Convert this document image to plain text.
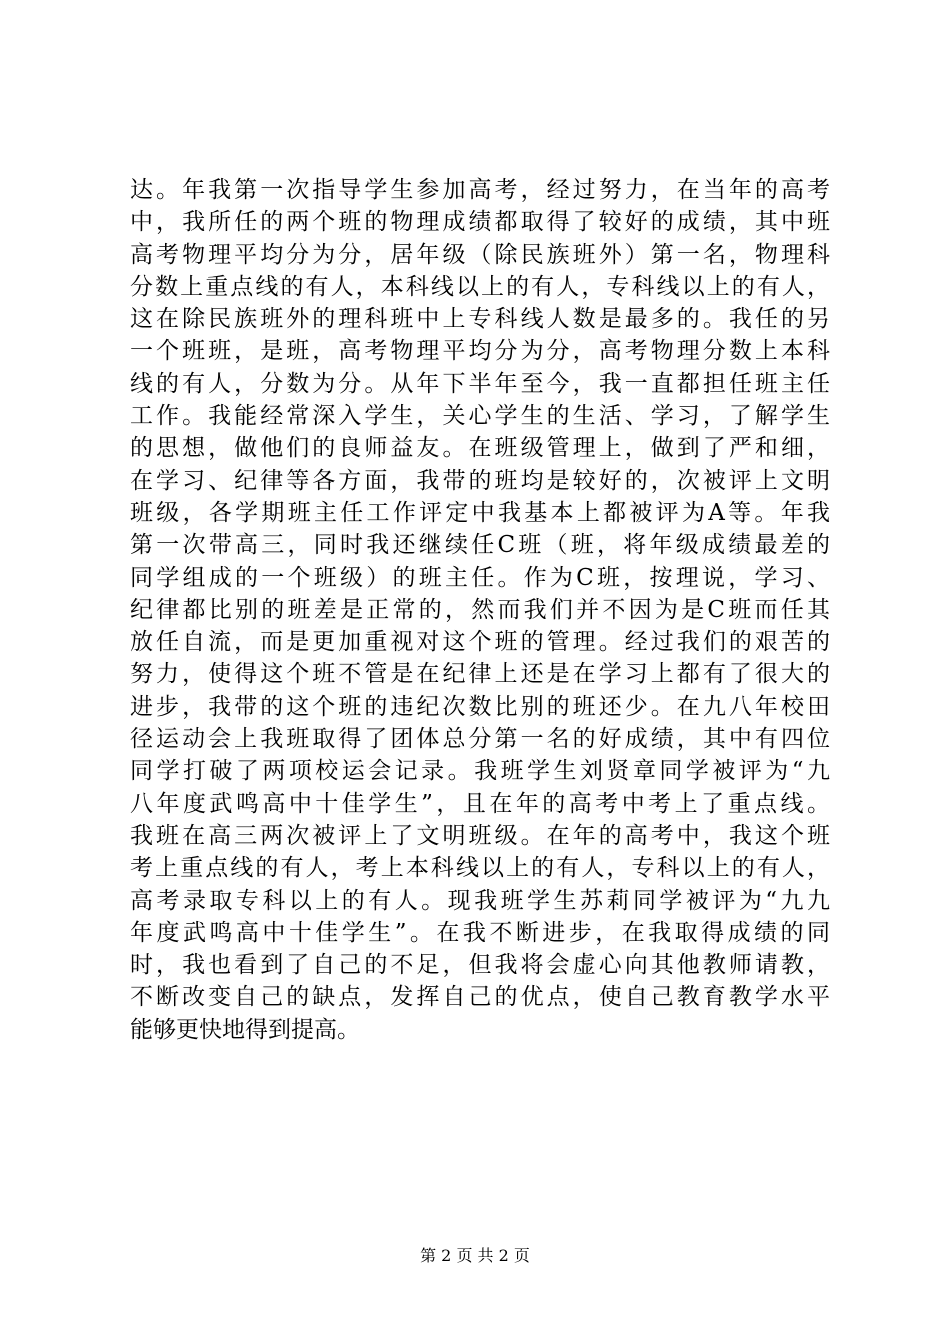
达。年我第一次指导学生参加高考，经过努力，在当年的高考
中，我所任的两个班的物理成绩都取得了较好的成绩，其中班
高考物理平均分为分，居年级（除民族班外）第一名，物理科
分数上重点线的有人，本科线以上的有人，专科线以上的有人，
这在除民族班外的理科班中上专科线人数是最多的。我任的另
一个班班，是班，高考物理平均分为分，高考物理分数上本科
线的有人，分数为分。从年下半年至今，我一直都担任班主任
工作。我能经常深入学生，关心学生的生活、学习，了解学生
的思想，做他们的良师益友。在班级管理上，做到了严和细，
在学习、纪律等各方面，我带的班均是较好的，次被评上文明
班级，各学期班主任工作评定中我基本上都被评为A等。年我
第一次带高三，同时我还继续任C班（班，将年级成绩最差的
同学组成的一个班级）的班主任。作为C班，按理说，学习、
纪律都比别的班差是正常的，然而我们并不因为是C班而任其
放任自流，而是更加重视对这个班的管理。经过我们的艰苦的
努力，使得这个班不管是在纪律上还是在学习上都有了很大的
进步，我带的这个班的违纪次数比别的班还少。在九八年校田
径运动会上我班取得了团体总分第一名的好成绩，其中有四位
同学打破了两项校运会记录。我班学生刘贤章同学被评为“九
八年度武鸣高中十佳学生”，且在年的高考中考上了重点线。
我班在高三两次被评上了文明班级。在年的高考中，我这个班
考上重点线的有人，考上本科线以上的有人，专科以上的有人，
高考录取专科以上的有人。现我班学生苏莉同学被评为“九九
年度武鸣高中十佳学生”。在我不断进步，在我取得成绩的同
时，我也看到了自己的不足，但我将会虚心向其他教师请教，
不断改变自己的缺点，发挥自己的优点，使自己教育教学水平
能够更快地得到提高。
第 2 页 共 2 页
